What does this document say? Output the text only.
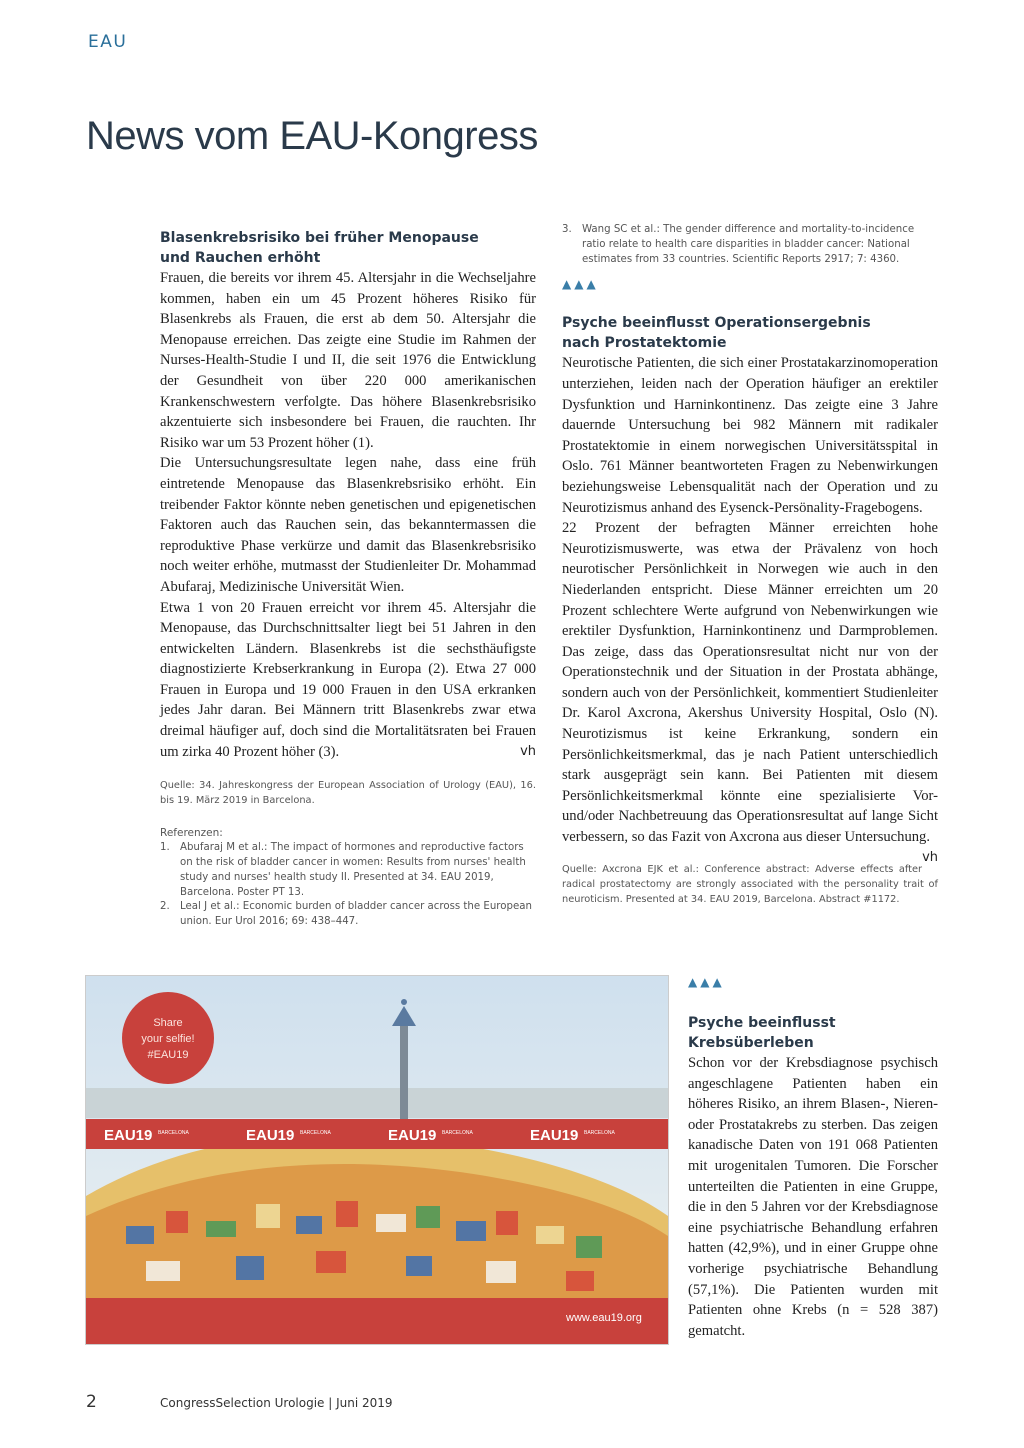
EAU
News vom EAU-Kongress

Blasenkrebsrisiko bei früher Menopause
und Rauchen erhöht

Frauen, die bereits vor ihrem 45. Altersjahr in die Wechseljahre kommen, haben ein um 45 Prozent höheres Risiko für Blasenkrebs als Frauen, die erst ab dem 50. Altersjahr die Menopause erreichen. Das zeigte eine Studie im Rahmen der Nurses-Health-Studie I und II, die seit 1976 die Entwicklung der Gesundheit von über 220 000 amerikanischen Krankenschwestern verfolgte. Das höhere Blasenkrebsrisiko akzentuierte sich insbesondere bei Frauen, die rauchten. Ihr Risiko war um 53 Prozent höher (1).

Die Untersuchungsresultate legen nahe, dass eine früh eintretende Menopause das Blasenkrebsrisiko erhöht. Ein treibender Faktor könnte neben genetischen und epigenetischen Faktoren auch das Rauchen sein, das bekanntermassen die reproduktive Phase verkürze und damit das Blasenkrebsrisiko noch weiter erhöhe, mutmasst der Studienleiter Dr. Mohammad Abufaraj, Medizinische Universität Wien.

Etwa 1 von 20 Frauen erreicht vor ihrem 45. Altersjahr die Menopause, das Durchschnittsalter liegt bei 51 Jahren in den entwickelten Ländern. Blasenkrebs ist die sechsthäufigste diagnostizierte Krebserkrankung in Europa (2). Etwa 27 000 Frauen in Europa und 19 000 Frauen in den USA erkranken jedes Jahr daran. Bei Männern tritt Blasenkrebs zwar etwa dreimal häufiger auf, doch sind die Mortalitätsraten bei Frauen um zirka 40 Prozent höher (3).	vh

Quelle: 34. Jahreskongress der European Association of Urology (EAU), 16. bis 19. März 2019 in Barcelona.

Referenzen:

1. Abufaraj M et al.: The impact of hormones and reproductive factors on the risk of bladder cancer in women: Results from nurses' health study and nurses' health study II. Presented at 34. EAU 2019, Barcelona. Poster PT 13.
2. Leal J et al.: Economic burden of bladder cancer across the European union. Eur Urol 2016; 69: 438–447.
3. Wang SC et al.: The gender difference and mortality-to-incidence ratio relate to health care disparities in bladder cancer: National estimates from 33 countries. Scientific Reports 2917; 7: 4360.
▲▲▲

Psyche beeinflusst Operationsergebnis
nach Prostatektomie

Neurotische Patienten, die sich einer Prostatakarzinomoperation unterziehen, leiden nach der Operation häufiger an erektiler Dysfunktion und Harninkontinenz. Das zeigte eine 3 Jahre dauernde Untersuchung bei 982 Männern mit radikaler Prostatektomie in einem norwegischen Universitätsspital in Oslo. 761 Männer beantworteten Fragen zu Nebenwirkungen beziehungsweise Lebensqualität nach der Operation und zu Neurotizismus anhand des Eysenck-Persönality-Fragebogens.

22 Prozent der befragten Männer erreichten hohe Neurotizismuswerte, was etwa der Prävalenz von hoch neurotischer Persönlichkeit in Norwegen wie auch in den Niederlanden entspricht. Diese Männer erreichten um 20 Prozent schlechtere Werte aufgrund von Nebenwirkungen wie erektiler Dysfunktion, Harninkontinenz und Darmproblemen. Das zeige, dass das Operationsresultat nicht nur von der Operationstechnik und der Situation in der Prostata abhänge, sondern auch von der Persönlichkeit, kommentiert Studienleiter Dr. Karol Axcrona, Akershus University Hospital, Oslo (N). Neurotizismus ist keine Erkrankung, sondern ein Persönlichkeitsmerkmal, das je nach Patient unterschiedlich stark ausgeprägt sein kann. Bei Patienten mit diesem Persönlichkeitsmerkmal könnte eine spezialisierte Vor- und/oder Nachbetreuung das Operationsresultat auf lange Sicht verbessern, so das Fazit von Axcrona aus dieser Untersuchung.
vh

Quelle: Axcrona EJK et al.: Conference abstract: Adverse effects after radical prostatectomy are strongly associated with the personality trait of neuroticism. Presented at 34. EAU 2019, Barcelona. Abstract #1172.

Share
your selfie!
#EAU19
EAU19	EAU19	EAU19	EAU19
BARCELONA	BARCELONA	BARCELONA	BARCELONA
www.eau19.org
▲▲▲

Psyche beeinflusst
Krebsüberleben

Schon vor der Krebsdiagnose psychisch angeschlagene Patienten haben ein höheres Risiko, an ihrem Blasen-, Nieren- oder Prostatakrebs zu sterben. Das zeigen kanadische Daten von 191 068 Patienten mit urogenitalen Tumoren. Die Forscher unterteilten die Patienten in eine Gruppe, die in den 5 Jahren vor der Krebsdiagnose eine psychiatrische Behandlung erfahren hatten (42,9%), und in einer Gruppe ohne vorherige psychiatrische Behandlung (57,1%). Die Patienten wurden mit Patienten ohne Krebs (n = 528 387) gematcht.

2	CongressSelection Urologie | Juni 2019
